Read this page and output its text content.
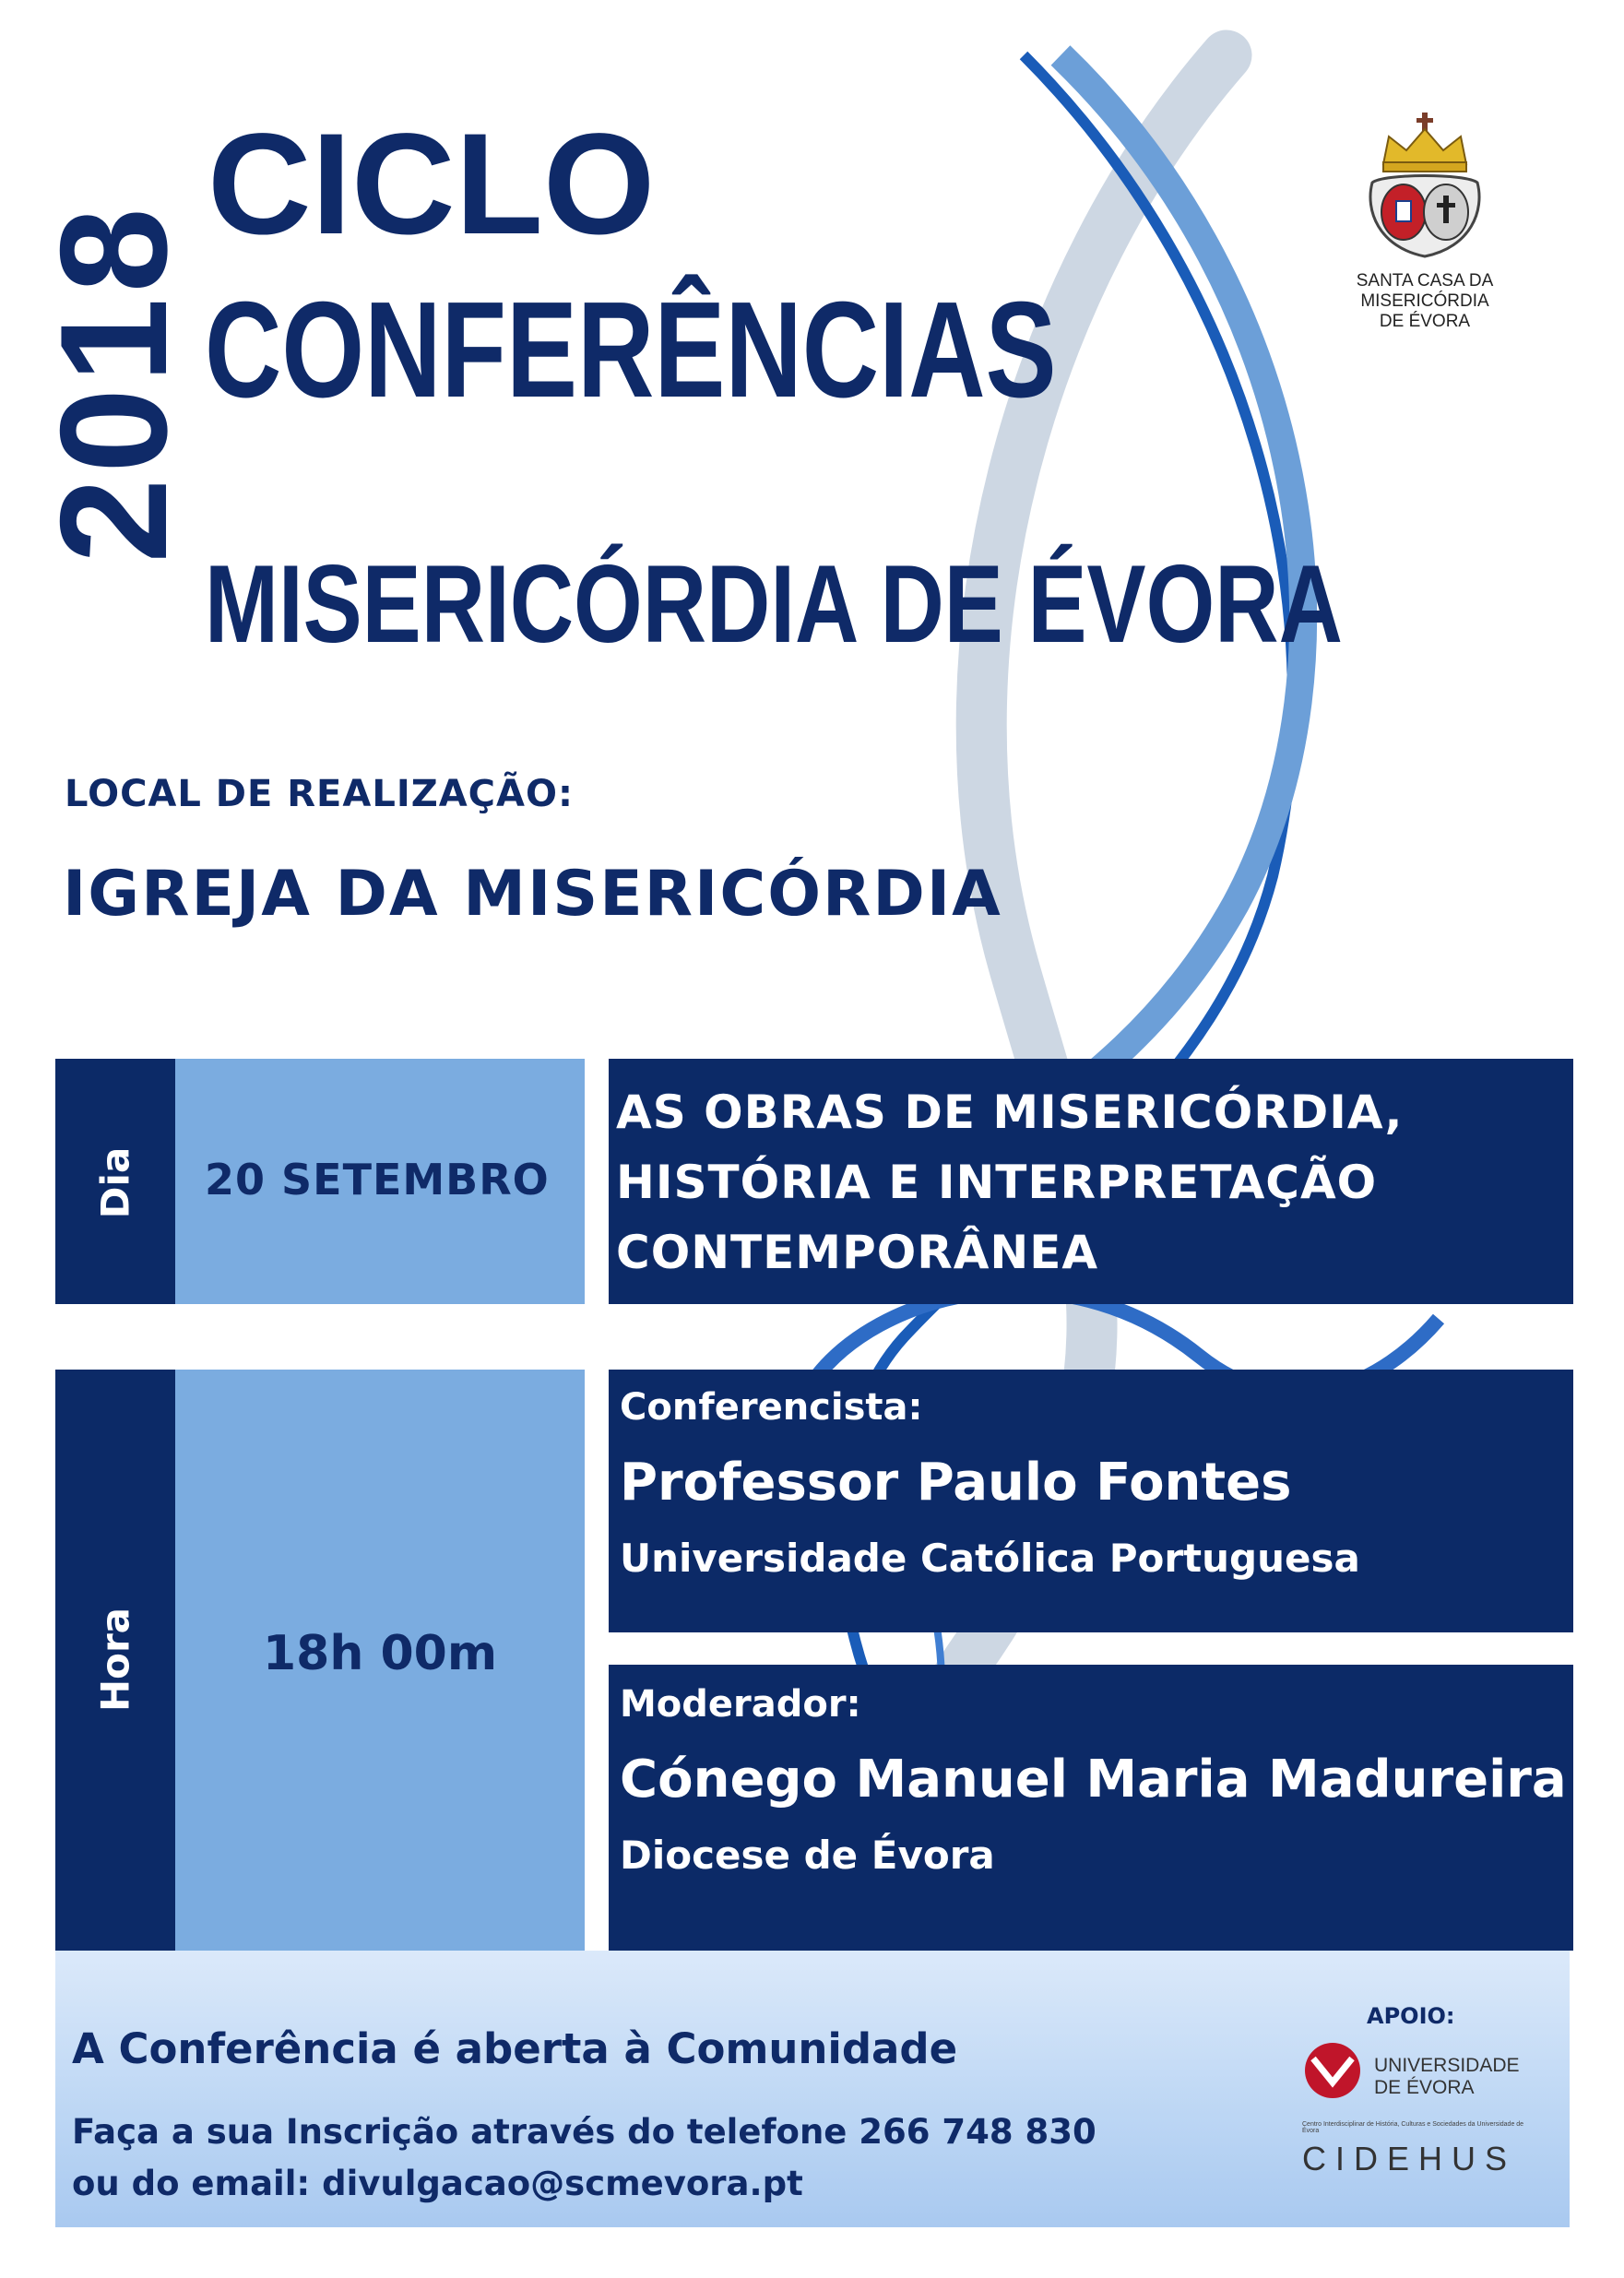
2018
CICLO
CONFERÊNCIAS
MISERICÓRDIA DE ÉVORA
SANTA CASA DA
MISERICÓRDIA
DE ÉVORA
LOCAL DE REALIZAÇÃO:
IGREJA DA MISERICÓRDIA
Dia 20 SETEMBRO
AS OBRAS DE MISERICÓRDIA,
HISTÓRIA E INTERPRETAÇÃO
CONTEMPORÂNEA
Hora	18h 00m
Conferencista:
Professor Paulo Fontes
Universidade Católica Portuguesa
Moderador:
Cónego Manuel Maria Madureira
Diocese de Évora
A Conferência é aberta à Comunidade
Faça a sua Inscrição através do telefone 266 748 830
ou do email: divulgacao@scmevora.pt
APOIO:
UNIVERSIDADE
DE ÉVORA
Centro Interdisciplinar de História, Culturas e Sociedades da Universidade de Évora
CIDEHUS
